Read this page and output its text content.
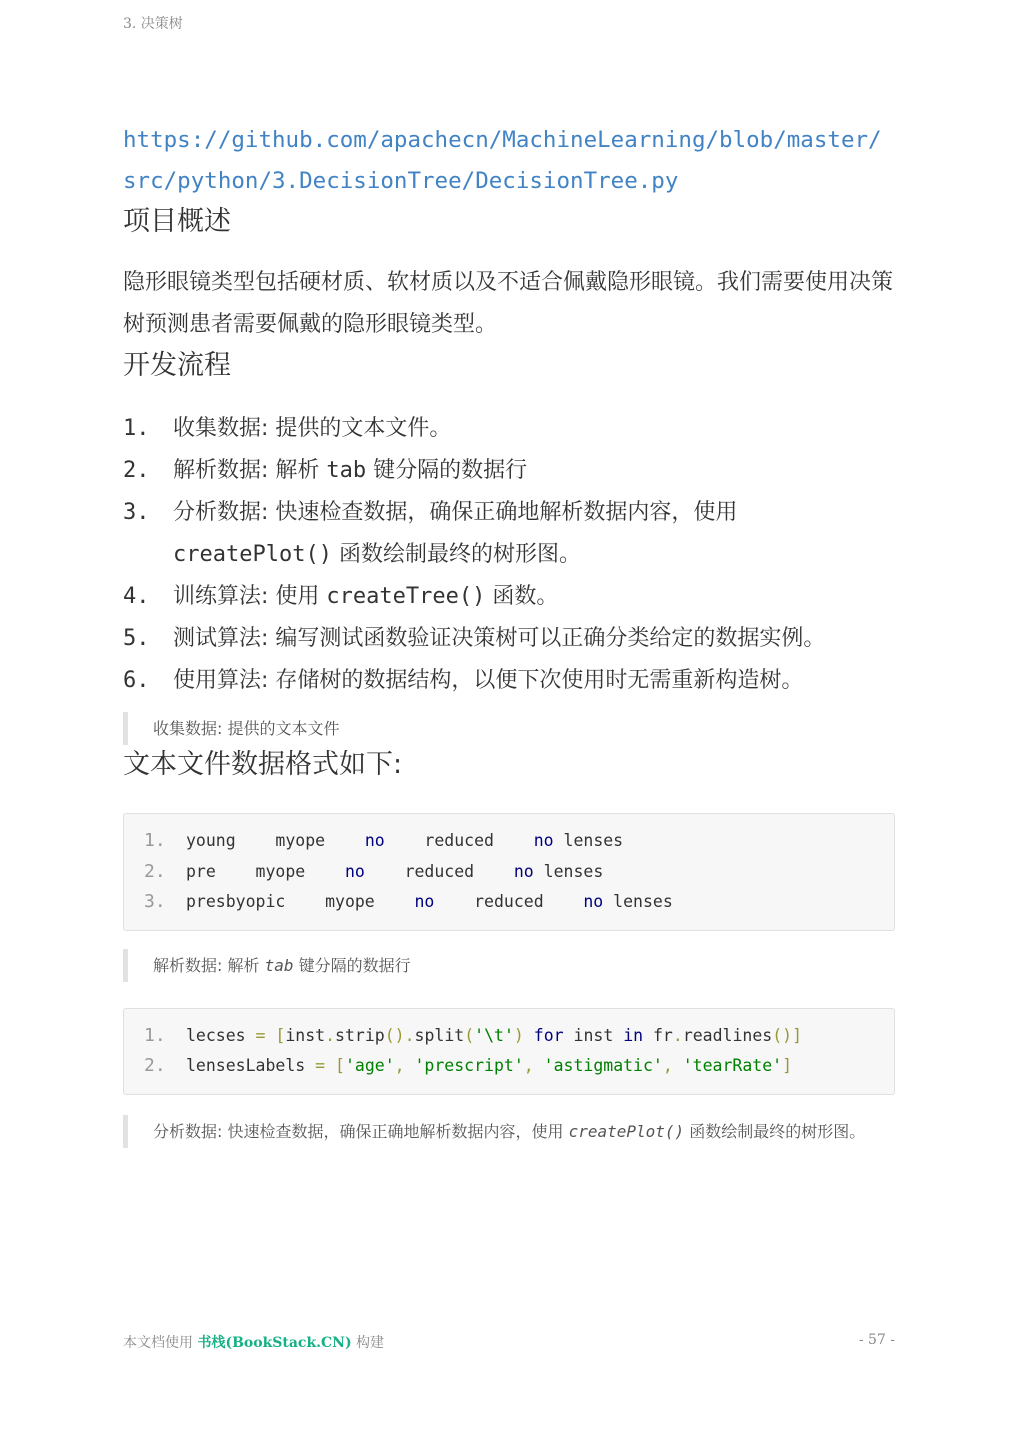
3. 决策树
https://github.com/apachecn/MachineLearning/blob/master/src/python/3.DecisionTree/DecisionTree.py
项目概述

隐形眼镜类型包括硬材质、软材质以及不适合佩戴隐形眼镜。我们需要使用决策树预测患者需要佩戴的隐形眼镜类型。

开发流程
1. 收集数据: 提供的文本文件。
2. 解析数据: 解析 tab 键分隔的数据行
3. 分析数据: 快速检查数据，确保正确地解析数据内容，使用 createPlot() 函数绘制最终的树形图。
4. 训练算法: 使用 createTree() 函数。
5. 测试算法: 编写测试函数验证决策树可以正确分类给定的数据实例。
6. 使用算法: 存储树的数据结构，以便下次使用时无需重新构造树。
收集数据: 提供的文本文件
文本文件数据格式如下:
1. young    myope    no    reduced    no lenses
2. pre    myope    no    reduced    no lenses
3. presbyopic    myope    no    reduced    no lenses
解析数据: 解析 tab 键分隔的数据行
1. lecses = [inst.strip().split('\t') for inst in fr.readlines()]
2. lensesLabels = ['age', 'prescript', 'astigmatic', 'tearRate']
分析数据: 快速检查数据，确保正确地解析数据内容，使用 createPlot() 函数绘制最终的树形图。
本文档使用 书栈(BookStack.CN) 构建	- 57 -
